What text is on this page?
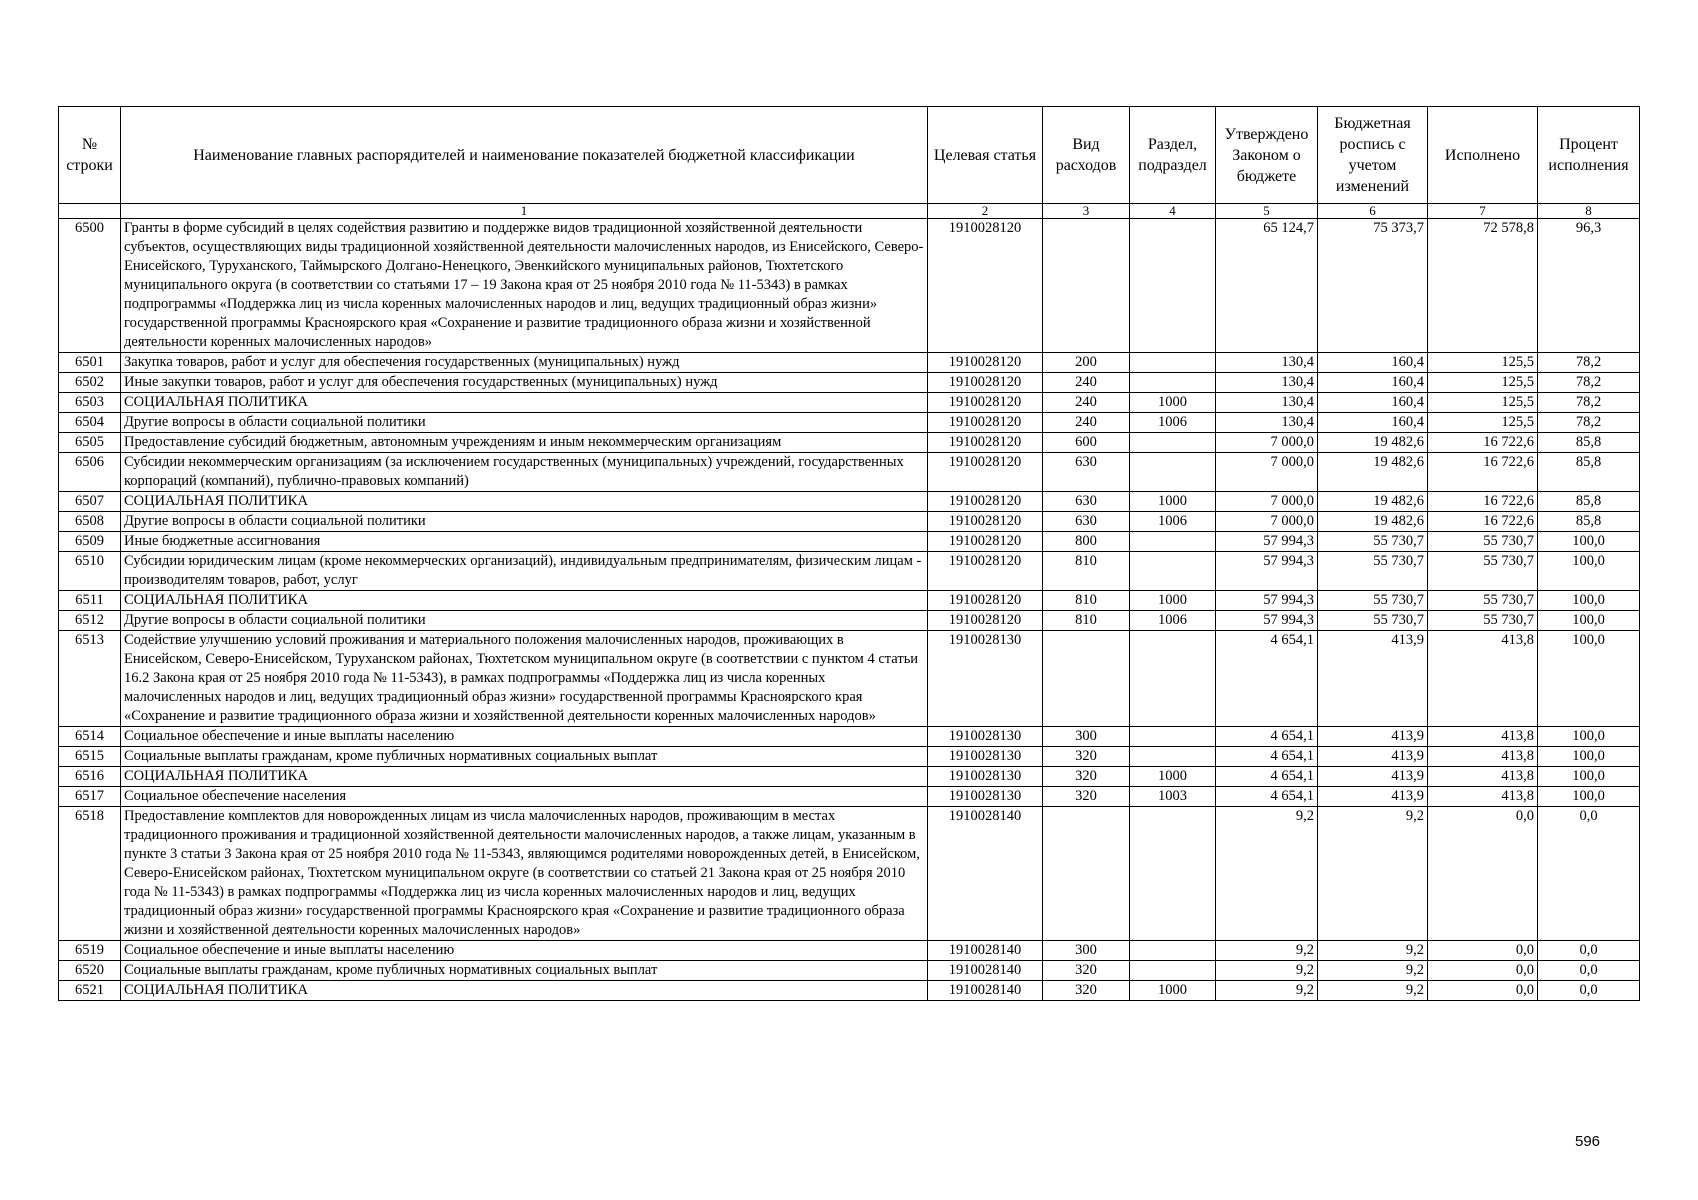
№ строки	Наименование главных распорядителей и наименование показателей бюджетной классификации	Целевая статья	Вид расходов	Раздел, подраздел	Утверждено Законом о бюджете	Бюджетная роспись с учетом изменений	Исполнено	Процент исполнения
	1	2	3	4	5	6	7	8
6500	Гранты в форме субсидий в целях содействия развитию и поддержке видов традиционной хозяйственной деятельности субъектов, осуществляющих виды традиционной хозяйственной деятельности малочисленных народов, из Енисейского, Северо-Енисейского, Туруханского, Таймырского Долгано-Ненецкого, Эвенкийского муниципальных районов, Тюхтетского муниципального округа (в соответствии со статьями 17 – 19 Закона края от 25 ноября 2010 года № 11-5343) в рамках подпрограммы «Поддержка лиц из числа коренных малочисленных народов и лиц, ведущих традиционный образ жизни» государственной программы Красноярского края «Сохранение и развитие традиционного образа жизни и хозяйственной деятельности коренных малочисленных народов»	1910028120			65 124,7	75 373,7	72 578,8	96,3
6501	Закупка товаров, работ и услуг для обеспечения государственных (муниципальных) нужд	1910028120	200		130,4	160,4	125,5	78,2
6502	Иные закупки товаров, работ и услуг для обеспечения государственных (муниципальных) нужд	1910028120	240		130,4	160,4	125,5	78,2
6503	СОЦИАЛЬНАЯ ПОЛИТИКА	1910028120	240	1000	130,4	160,4	125,5	78,2
6504	Другие вопросы в области социальной политики	1910028120	240	1006	130,4	160,4	125,5	78,2
6505	Предоставление субсидий бюджетным, автономным учреждениям и иным некоммерческим организациям	1910028120	600		7 000,0	19 482,6	16 722,6	85,8
6506	Субсидии некоммерческим организациям (за исключением государственных (муниципальных) учреждений, государственных корпораций (компаний), публично-правовых компаний)	1910028120	630		7 000,0	19 482,6	16 722,6	85,8
6507	СОЦИАЛЬНАЯ ПОЛИТИКА	1910028120	630	1000	7 000,0	19 482,6	16 722,6	85,8
6508	Другие вопросы в области социальной политики	1910028120	630	1006	7 000,0	19 482,6	16 722,6	85,8
6509	Иные бюджетные ассигнования	1910028120	800		57 994,3	55 730,7	55 730,7	100,0
6510	Субсидии юридическим лицам (кроме некоммерческих организаций), индивидуальным предпринимателям, физическим лицам - производителям товаров, работ, услуг	1910028120	810		57 994,3	55 730,7	55 730,7	100,0
6511	СОЦИАЛЬНАЯ ПОЛИТИКА	1910028120	810	1000	57 994,3	55 730,7	55 730,7	100,0
6512	Другие вопросы в области социальной политики	1910028120	810	1006	57 994,3	55 730,7	55 730,7	100,0
6513	Содействие улучшению условий проживания и материального положения малочисленных народов, проживающих в Енисейском, Северо-Енисейском, Туруханском районах, Тюхтетском муниципальном округе (в соответствии с пунктом 4 статьи 16.2 Закона края от 25 ноября 2010 года № 11-5343), в рамках подпрограммы «Поддержка лиц из числа коренных малочисленных народов и лиц, ведущих традиционный образ жизни» государственной программы Красноярского края «Сохранение и развитие традиционного образа жизни и хозяйственной деятельности коренных малочисленных народов»	1910028130			4 654,1	413,9	413,8	100,0
6514	Социальное обеспечение и иные выплаты населению	1910028130	300		4 654,1	413,9	413,8	100,0
6515	Социальные выплаты гражданам, кроме публичных нормативных социальных выплат	1910028130	320		4 654,1	413,9	413,8	100,0
6516	СОЦИАЛЬНАЯ ПОЛИТИКА	1910028130	320	1000	4 654,1	413,9	413,8	100,0
6517	Социальное обеспечение населения	1910028130	320	1003	4 654,1	413,9	413,8	100,0
6518	Предоставление комплектов для новорожденных лицам из числа малочисленных народов, проживающим в местах традиционного проживания и традиционной хозяйственной деятельности малочисленных народов, а также лицам, указанным в пункте 3 статьи 3 Закона края от 25 ноября 2010 года № 11-5343, являющимся родителями новорожденных детей, в Енисейском, Северо-Енисейском районах, Тюхтетском муниципальном округе (в соответствии со статьей 21 Закона края от 25 ноября 2010 года № 11-5343) в рамках подпрограммы «Поддержка лиц из числа коренных малочисленных народов и лиц, ведущих традиционный образ жизни» государственной программы Красноярского края «Сохранение и развитие традиционного образа жизни и хозяйственной деятельности коренных малочисленных народов»	1910028140			9,2	9,2	0,0	0,0
6519	Социальное обеспечение и иные выплаты населению	1910028140	300		9,2	9,2	0,0	0,0
6520	Социальные выплаты гражданам, кроме публичных нормативных социальных выплат	1910028140	320		9,2	9,2	0,0	0,0
6521	СОЦИАЛЬНАЯ ПОЛИТИКА	1910028140	320	1000	9,2	9,2	0,0	0,0
596
